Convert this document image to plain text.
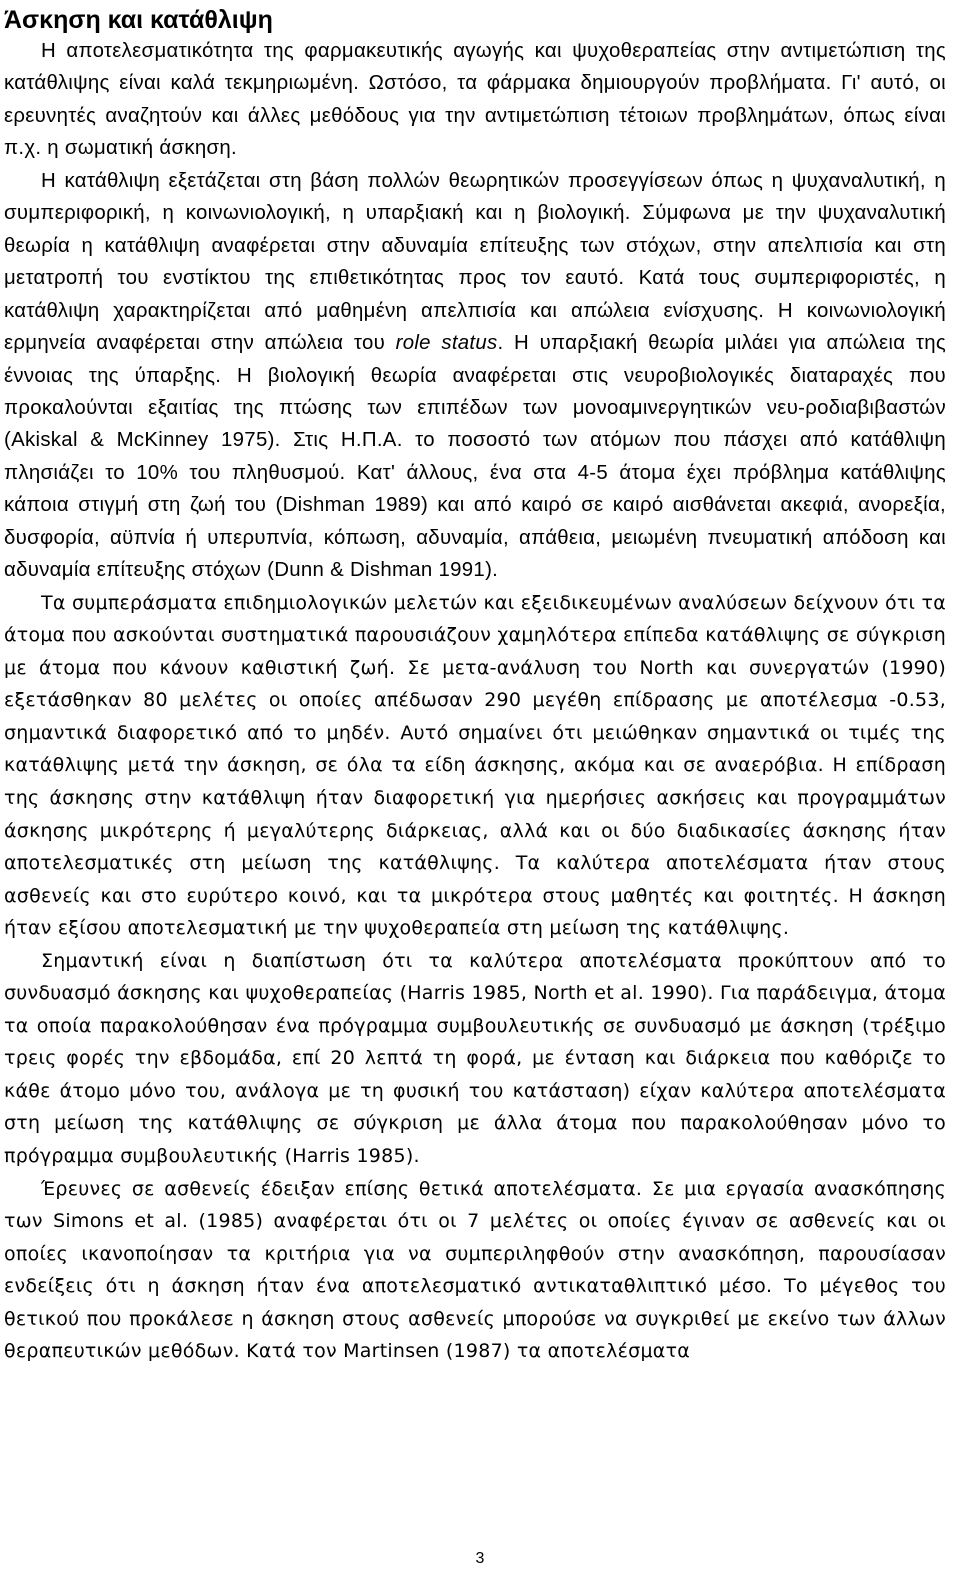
Άσκηση και κατάθλιψη

Η αποτελεσματικότητα της φαρμακευτικής αγωγής και ψυχοθεραπείας στην αντιμετώπιση της κατάθλιψης είναι καλά τεκμηριωμένη. Ωστόσο, τα φάρμακα δημιουργούν προβλήματα. Γι' αυτό, οι ερευνητές αναζητούν και άλλες μεθόδους για την αντιμετώπιση τέτοιων προβλημάτων, όπως είναι π.χ. η σωματική άσκηση.

Η κατάθλιψη εξετάζεται στη βάση πολλών θεωρητικών προσεγγίσεων όπως η ψυχαναλυτική, η συμπεριφορική, η κοινωνιολογική, η υπαρξιακή και η βιολογική. Σύμφωνα με την ψυχαναλυτική θεωρία η κατάθλιψη αναφέρεται στην αδυναμία επίτευξης των στόχων, στην απελπισία και στη μετατροπή του ενστίκτου της επιθετικότητας προς τον εαυτό. Κατά τους συμπεριφοριστές, η κατάθλιψη χαρακτηρίζεται από μαθημένη απελπισία και απώλεια ενίσχυσης. Η κοινωνιολογική ερμηνεία αναφέρεται στην απώλεια του role status. Η υπαρξιακή θεωρία μιλάει για απώλεια της έννοιας της ύπαρξης. Η βιολογική θεωρία αναφέρεται στις νευροβιολογικές διαταραχές που προκαλούνται εξαιτίας της πτώσης των επιπέδων των μονοαμινεργητικών νευ-ροδιαβιβαστών (Akiskal & McKinney 1975). Στις Η.Π.Α. το ποσοστό των ατόμων που πάσχει από κατάθλιψη πλησιάζει το 10% του πληθυσμού. Κατ' άλλους, ένα στα 4-5 άτομα έχει πρόβλημα κατάθλιψης κάποια στιγμή στη ζωή του (Dishman 1989) και από καιρό σε καιρό αισθάνεται ακεφιά, ανορεξία, δυσφορία, αϋπνία ή υπερυπνία, κόπωση, αδυναμία, απάθεια, μειωμένη πνευματική απόδοση και αδυναμία επίτευξης στόχων (Dunn & Dishman 1991).

Τα συμπεράσματα επιδημιολογικών μελετών και εξειδικευμένων αναλύσεων δείχνουν ότι τα άτομα που ασκούνται συστηματικά παρουσιάζουν χαμηλότερα επίπεδα κατάθλιψης σε σύγκριση με άτομα που κάνουν καθιστική ζωή. Σε μετα-ανάλυση του North και συνεργατών (1990) εξετάσθηκαν 80 μελέτες οι οποίες απέδωσαν 290 μεγέθη επίδρασης με αποτέλεσμα -0.53, σημαντικά διαφορετικό από το μηδέν. Αυτό σημαίνει ότι μειώθηκαν σημαντικά οι τιμές της κατάθλιψης μετά την άσκηση, σε όλα τα είδη άσκησης, ακόμα και σε αναερόβια. Η επίδραση της άσκησης στην κατάθλιψη ήταν διαφορετική για ημερήσιες ασκήσεις και προγραμμάτων άσκησης μικρότερης ή μεγαλύτερης διάρκειας, αλλά και οι δύο διαδικασίες άσκησης ήταν αποτελεσματικές στη μείωση της κατάθλιψης. Τα καλύτερα αποτελέσματα ήταν στους ασθενείς και στο ευρύτερο κοινό, και τα μικρότερα στους μαθητές και φοιτητές. Η άσκηση ήταν εξίσου αποτελεσματική με την ψυχοθεραπεία στη μείωση της κατάθλιψης.

Σημαντική είναι η διαπίστωση ότι τα καλύτερα αποτελέσματα προκύπτουν από το συνδυασμό άσκησης και ψυχοθεραπείας (Harris 1985, North et al. 1990). Για παράδειγμα, άτομα τα οποία παρακολούθησαν ένα πρόγραμμα συμβουλευτικής σε συνδυασμό με άσκηση (τρέξιμο τρεις φορές την εβδομάδα, επί 20 λεπτά τη φορά, με ένταση και διάρκεια που καθόριζε το κάθε άτομο μόνο του, ανάλογα με τη φυσική του κατάσταση) είχαν καλύτερα αποτελέσματα στη μείωση της κατάθλιψης σε σύγκριση με άλλα άτομα που παρακολούθησαν μόνο το πρόγραμμα συμβουλευτικής (Harris 1985).

Έρευνες σε ασθενείς έδειξαν επίσης θετικά αποτελέσματα. Σε μια εργασία ανασκόπησης των Simons et al. (1985) αναφέρεται ότι οι 7 μελέτες οι οποίες έγιναν σε ασθενείς και οι οποίες ικανοποίησαν τα κριτήρια για να συμπεριληφθούν στην ανασκόπηση, παρουσίασαν ενδείξεις ότι η άσκηση ήταν ένα αποτελεσματικό αντικαταθλιπτικό μέσο. Το μέγεθος του θετικού που προκάλεσε η άσκηση στους ασθενείς μπορούσε να συγκριθεί με εκείνο των άλλων θεραπευτικών μεθόδων. Κατά τον Martinsen (1987) τα αποτελέσματα

3
